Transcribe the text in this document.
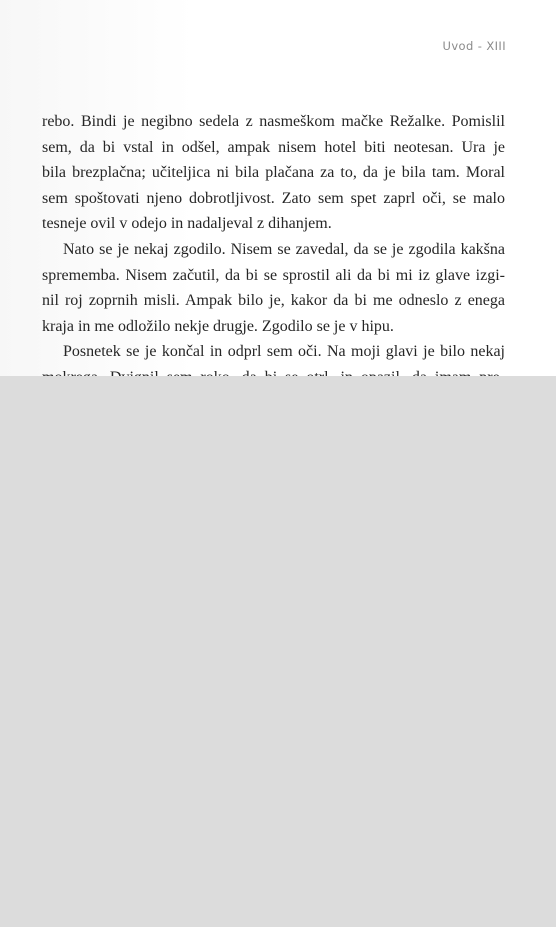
Uvod - XIII

rebo. Bindi je negibno sedela z nasmeškom mačke Režalke. Pomislil
sem, da bi vstal in odšel, ampak nisem hotel biti neotesan. Ura je
bila brezplačna; učiteljica ni bila plačana za to, da je bila tam. Moral
sem spoštovati njeno dobrotljivost. Zato sem spet zaprl oči, se malo
tesneje ovil v odejo in nadaljeval z dihanjem.

Nato se je nekaj zgodilo. Nisem se zavedal, da se je zgodila kakšna
sprememba. Nisem začutil, da bi se sprostil ali da bi mi iz glave izgi-
nil roj zoprnih misli. Ampak bilo je, kakor da bi me odneslo z enega
kraja in me odložilo nekje drugje. Zgodilo se je v hipu.

Posnetek se je končal in odprl sem oči. Na moji glavi je bilo nekaj
